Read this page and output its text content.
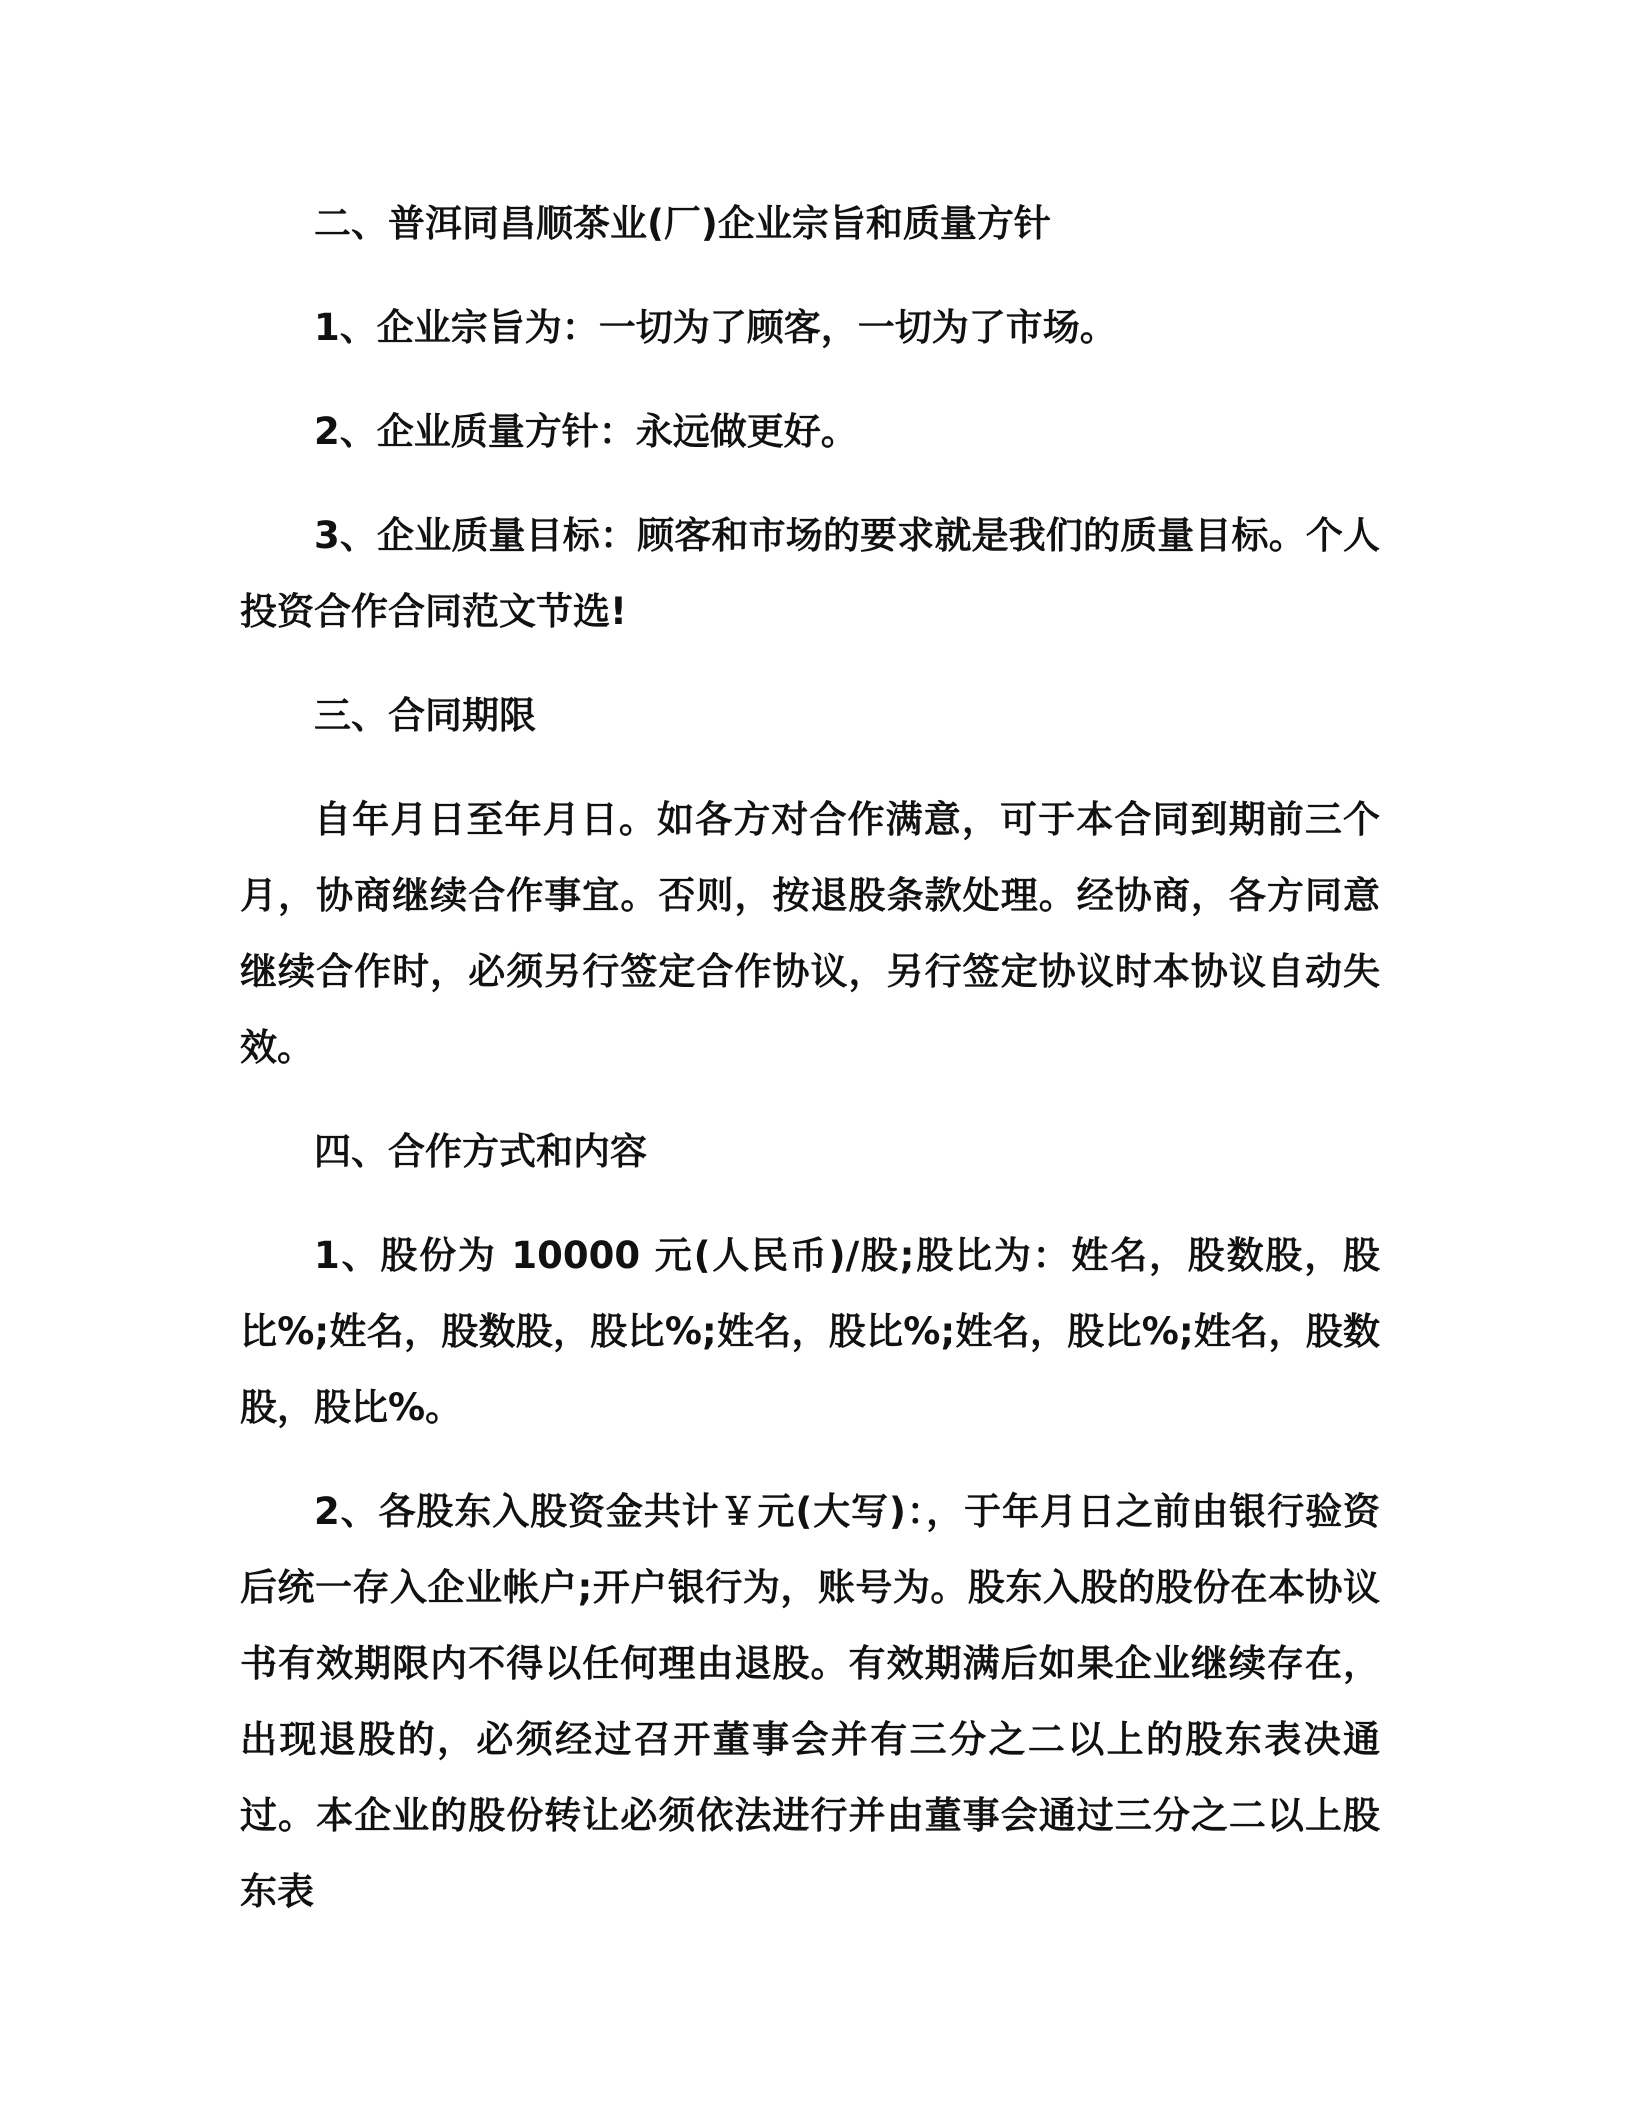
二、普洱同昌顺茶业(厂)企业宗旨和质量方针

1、企业宗旨为：一切为了顾客，一切为了市场。

2、企业质量方针：永远做更好。

3、企业质量目标：顾客和市场的要求就是我们的质量目标。个人投资合作合同范文节选!

三、合同期限

自年月日至年月日。如各方对合作满意，可于本合同到期前三个月，协商继续合作事宜。否则，按退股条款处理。经协商，各方同意继续合作时，必须另行签定合作协议，另行签定协议时本协议自动失效。

四、合作方式和内容

1、股份为 10000 元(人民币)/股;股比为：姓名，股数股，股比%;姓名，股数股，股比%;姓名，股比%;姓名，股比%;姓名，股数股，股比%。

2、各股东入股资金共计￥元(大写)：，于年月日之前由银行验资后统一存入企业帐户;开户银行为，账号为。股东入股的股份在本协议书有效期限内不得以任何理由退股。有效期满后如果企业继续存在，出现退股的，必须经过召开董事会并有三分之二以上的股东表决通过。本企业的股份转让必须依法进行并由董事会通过三分之二以上股东表
